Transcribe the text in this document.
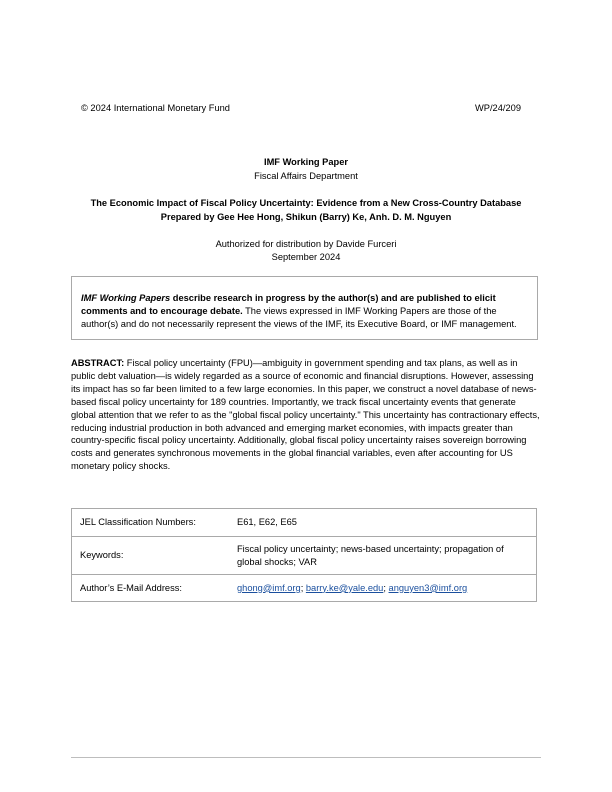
© 2024 International Monetary Fund	WP/24/209
IMF Working Paper
Fiscal Affairs Department
The Economic Impact of Fiscal Policy Uncertainty: Evidence from a New Cross-Country Database
Prepared by Gee Hee Hong, Shikun (Barry) Ke, Anh. D. M. Nguyen
Authorized for distribution by Davide Furceri
September 2024
IMF Working Papers describe research in progress by the author(s) and are published to elicit comments and to encourage debate. The views expressed in IMF Working Papers are those of the author(s) and do not necessarily represent the views of the IMF, its Executive Board, or IMF management.
ABSTRACT: Fiscal policy uncertainty (FPU)—ambiguity in government spending and tax plans, as well as in public debt valuation—is widely regarded as a source of economic and financial disruptions. However, assessing its impact has so far been limited to a few large economies. In this paper, we construct a novel database of news-based fiscal policy uncertainty for 189 countries. Importantly, we track fiscal uncertainty events that generate global attention that we refer to as the "global fiscal policy uncertainty." This uncertainty has contractionary effects, reducing industrial production in both advanced and emerging market economies, with impacts greater than country-specific fiscal policy uncertainty. Additionally, global fiscal policy uncertainty raises sovereign borrowing costs and generates synchronous movements in the global financial variables, even after accounting for US monetary policy shocks.
JEL Classification Numbers:	E61, E62, E65
Keywords:	Fiscal policy uncertainty; news-based uncertainty; propagation of global shocks; VAR
Author’s E-Mail Address:	ghong@imf.org; barry.ke@yale.edu; anguyen3@imf.org
